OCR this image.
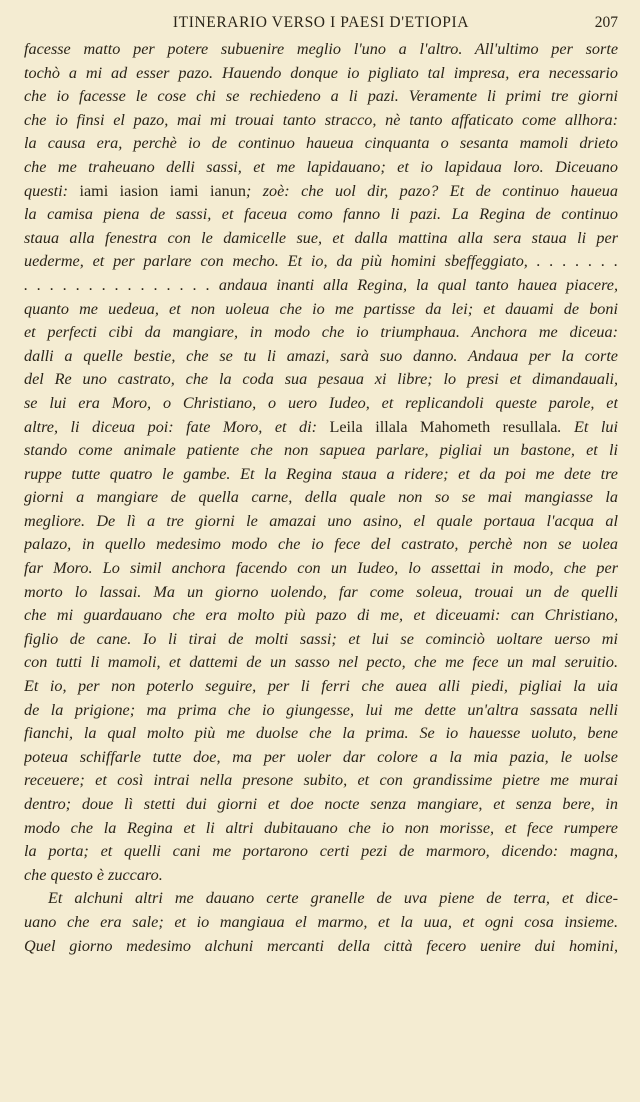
ITINERARIO VERSO I PAESI D'ETIOPIA	207
facesse matto per potere subuenire meglio l'uno a l'altro. All'ultimo per sorte
tochò a mi ad esser pazo. Hauendo donque io pigliato tal impresa, era necessario
che io facesse le cose chi se rechiedeno a li pazi. Veramente li primi tre giorni
che io finsi el pazo, mai mi trouai tanto stracco, nè tanto affaticato come allhora:
la causa era, perchè io de continuo haueua cinquanta o sesanta mamoli drieto
che me traheuano delli sassi, et me lapidauano; et io lapidaua loro. Diceuano
questi: iami iasion iami ianun; zoè: che uol dir, pazo? Et de continuo haueua
la camisa piena de sassi, et faceua como fanno li pazi. La Regina de continuo
staua alla fenestra con le damicelle sue, et dalla mattina alla sera staua li per
uederme, et per parlare con mecho. Et io, da più homini sbeffeggiato, . . . . . . .
. . . . . . . . . . . . . . . andaua inanti alla Regina, la qual tanto hauea piacere,
quanto me uedeua, et non uoleua che io me partisse da lei; et dauami de boni
et perfecti cibi da mangiare, in modo che io triumphaua. Anchora me diceua:
dalli a quelle bestie, che se tu li amazi, sarà suo danno. Andaua per la corte
del Re uno castrato, che la coda sua pesaua xi libre; lo presi et dimandauali,
se lui era Moro, o Christiano, o uero Iudeo, et replicandoli queste parole, et
altre, li diceua poi: fate Moro, et di: Leila illala Mahometh resullala. Et lui
stando come animale patiente che non sapuea parlare, pigliai un bastone, et li
ruppe tutte quatro le gambe. Et la Regina staua a ridere; et da poi me dete tre
giorni a mangiare de quella carne, della quale non so se mai mangiasse la
megliore. De lì a tre giorni le amazai uno asino, el quale portaua l'acqua al
palazo, in quello medesimo modo che io fece del castrato, perchè non se uolea
far Moro. Lo simil anchora facendo con un Iudeo, lo assettai in modo, che per
morto lo lassai. Ma un giorno uolendo, far come soleua, trouai un de quelli
che mi guardauano che era molto più pazo di me, et diceuami: can Christiano,
figlio de cane. Io li tirai de molti sassi; et lui se cominciò uoltare uerso mi
con tutti li mamoli, et dattemi de un sasso nel pecto, che me fece un mal seruitio.
Et io, per non poterlo seguire, per li ferri che auea alli piedi, pigliai la uia
de la prigione; ma prima che io giungesse, lui me dette un'altra sassata nelli
fianchi, la qual molto più me duolse che la prima. Se io hauesse uoluto, bene
poteua schiffarle tutte doe, ma per uoler dar colore a la mia pazia, le uolse
receuere; et così intrai nella presone subito, et con grandissime pietre me murai
dentro; doue lì stetti dui giorni et doe nocte senza mangiare, et senza bere, in
modo che la Regina et li altri dubitauano che io non morisse, et fece rumpere
la porta; et quelli cani me portarono certi pezi de marmoro, dicendo: magna,
che questo è zuccaro.
Et alchuni altri me dauano certe granelle de uva piene de terra, et dice-
uano che era sale; et io mangiaua el marmo, et la uua, et ogni cosa insieme.
Quel giorno medesimo alchuni mercanti della città fecero uenire dui homini,
